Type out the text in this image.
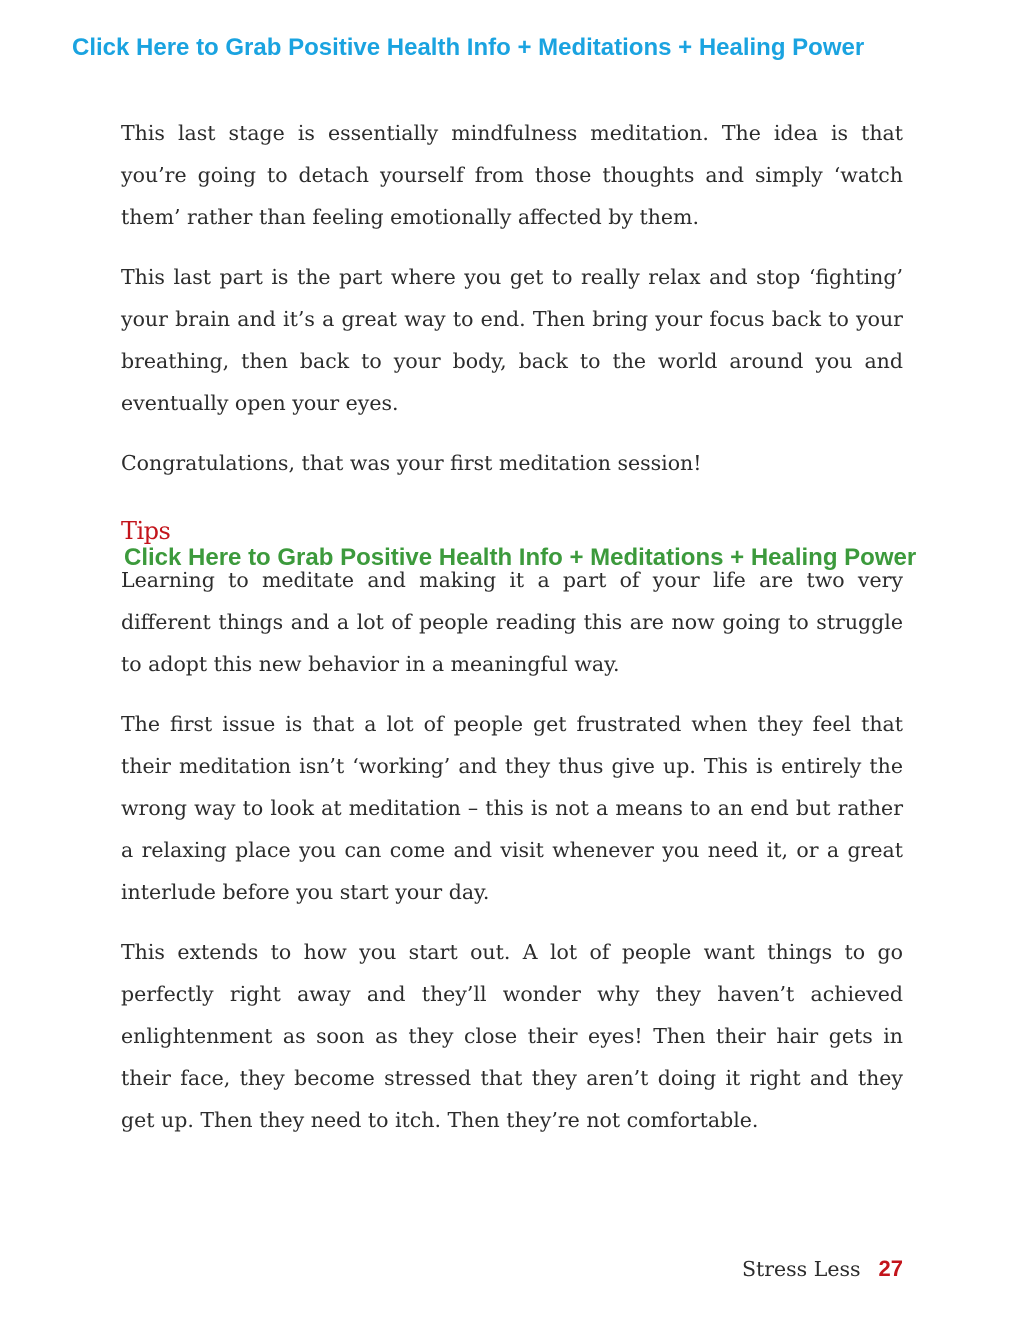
Click Here to Grab Positive Health Info + Meditations + Healing Power

This last stage is essentially mindfulness meditation. The idea is that you’re going to detach yourself from those thoughts and simply ‘watch them’ rather than feeling emotionally affected by them.

This last part is the part where you get to really relax and stop ‘fighting’ your brain and it’s a great way to end. Then bring your focus back to your breathing, then back to your body, back to the world around you and eventually open your eyes.

Congratulations, that was your first meditation session!

Tips
Click Here to Grab Positive Health Info + Meditations + Healing Power

Learning to meditate and making it a part of your life are two very different things and a lot of people reading this are now going to struggle to adopt this new behavior in a meaningful way.

The first issue is that a lot of people get frustrated when they feel that their meditation isn’t ‘working’ and they thus give up. This is entirely the wrong way to look at meditation – this is not a means to an end but rather a relaxing place you can come and visit whenever you need it, or a great interlude before you start your day.

This extends to how you start out. A lot of people want things to go perfectly right away and they’ll wonder why they haven’t achieved enlightenment as soon as they close their eyes! Then their hair gets in their face, they become stressed that they aren’t doing it right and they get up. Then they need to itch. Then they’re not comfortable.

Stress Less 27
